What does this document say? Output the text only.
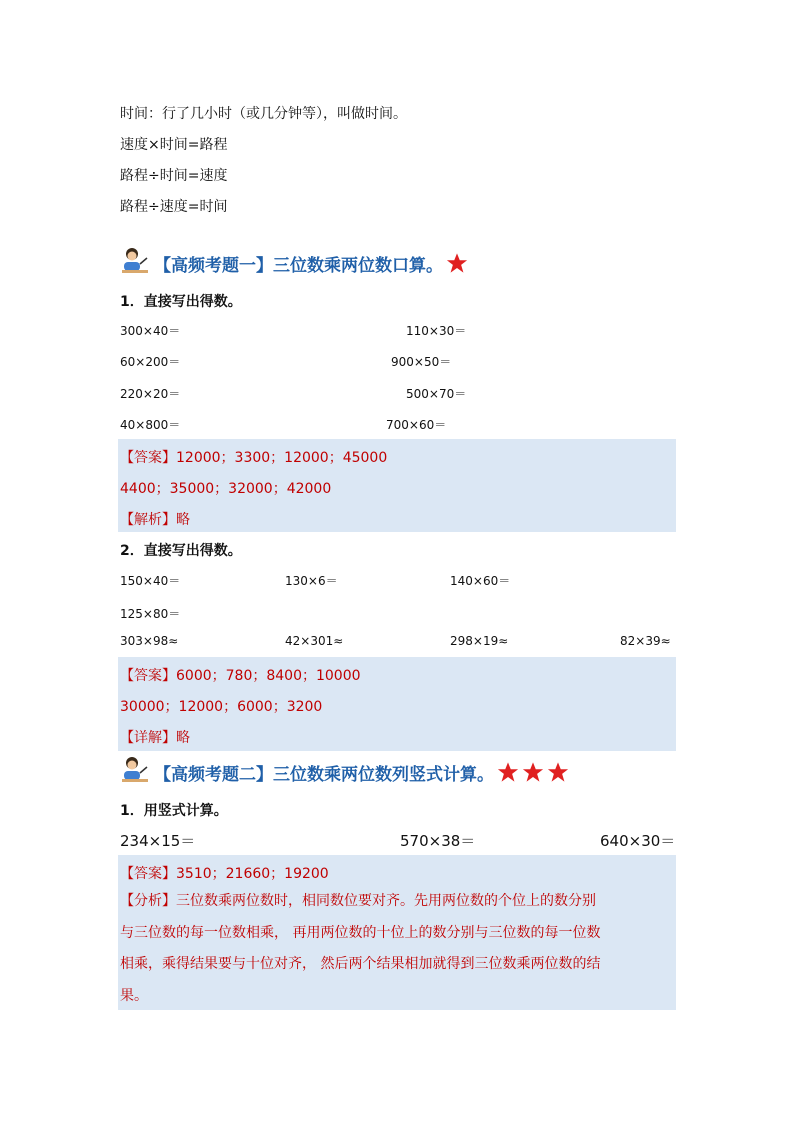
时间：行了几小时（或几分钟等），叫做时间。
速度×时间=路程
路程÷时间=速度
路程÷速度=时间
【高频考题一】三位数乘两位数口算。
1．直接写出得数。
300×40＝	110×30＝
60×200＝	900×50＝
220×20＝	500×70＝
40×800＝	700×60＝
【答案】12000；3300；12000；45000
4400；35000；32000；42000
【解析】略
2．直接写出得数。
150×40＝	130×6＝	140×60＝
125×80＝
303×98≈	42×301≈	298×19≈	82×39≈
【答案】6000；780；8400；10000
30000；12000；6000；3200
【详解】略
【高频考题二】三位数乘两位数列竖式计算。
1．用竖式计算。
234×15＝	570×38＝	640×30＝
【答案】3510；21660；19200
【分析】三位数乘两位数时，相同数位要对齐。先用两位数的个位上的数分别
与三位数的每一位数相乘， 再用两位数的十位上的数分别与三位数的每一位数
相乘，乘得结果要与十位对齐， 然后两个结果相加就得到三位数乘两位数的结
果。
